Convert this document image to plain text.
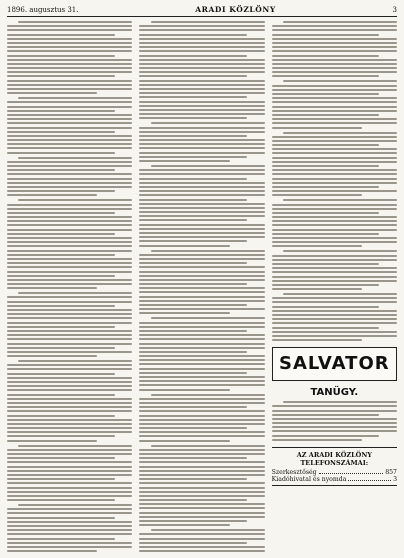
1896. augusztus 31.	ARADI KÖZLÖNY	3
SALVATOR
TANÜGY.
AZ ARADI KÖZLÖNY TELEFONSZÁMAI:
Szerkesztőség	857
Kiadóhivatal és nyomda	3
